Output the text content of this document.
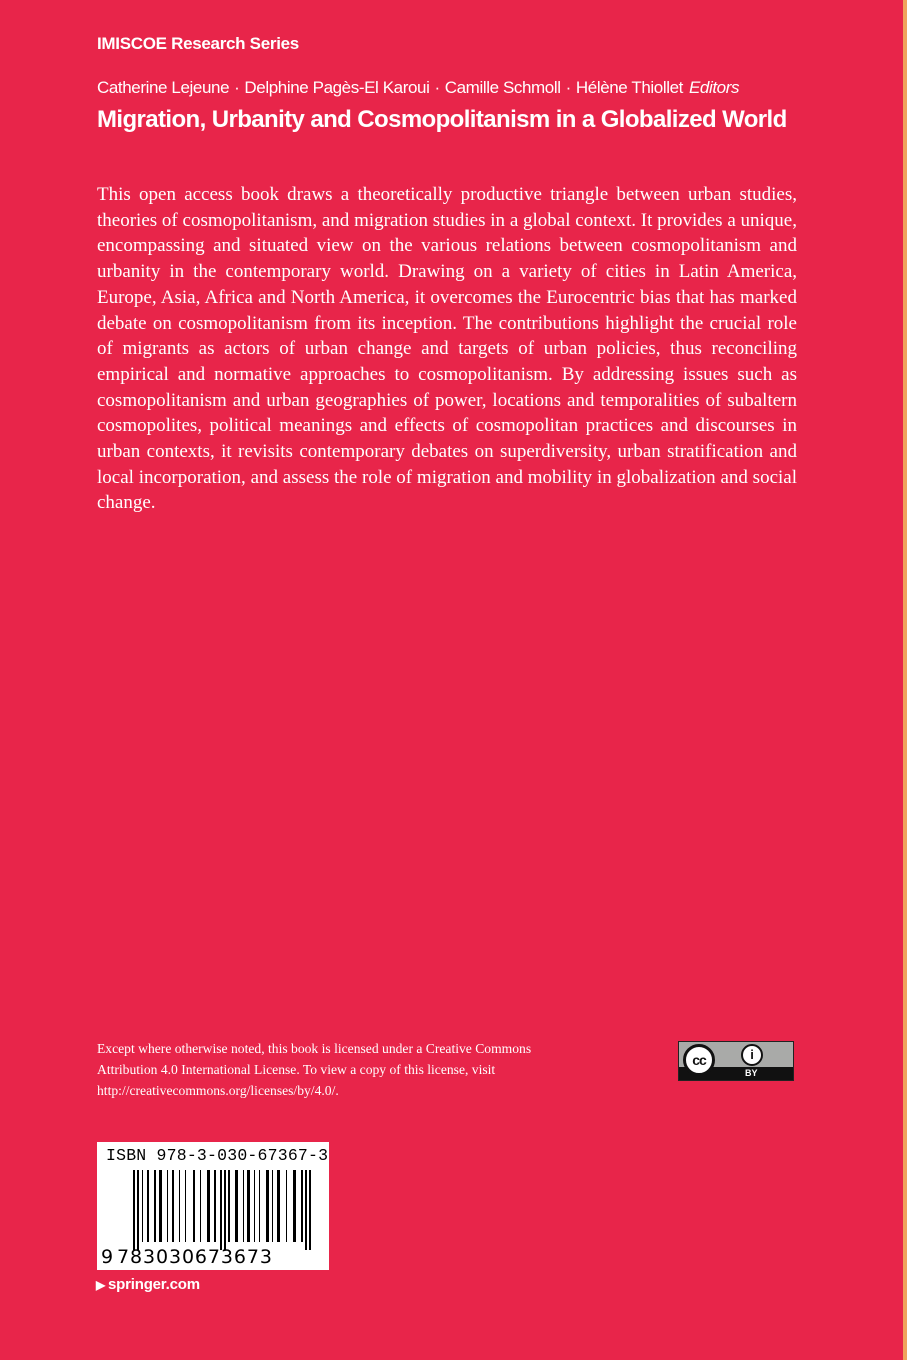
IMISCOE Research Series
Catherine Lejeune · Delphine Pagès-El Karoui · Camille Schmoll · Hélène Thiollet Editors
Migration, Urbanity and Cosmopolitanism in a Globalized World

This open access book draws a theoretically productive triangle between urban studies, theories of cosmopolitanism, and migration studies in a global context. It provides a unique, encompassing and situated view on the various relations between cosmopolitanism and urbanity in the contemporary world. Drawing on a variety of cities in Latin America, Europe, Asia, Africa and North America, it overcomes the Eurocentric bias that has marked debate on cosmopolitanism from its inception. The contributions highlight the crucial role of migrants as actors of urban change and targets of urban policies, thus reconciling empirical and normative approaches to cosmopolitanism. By addressing issues such as cosmopolitanism and urban geographies of power, locations and temporalities of subaltern cosmopolites, political meanings and effects of cosmopolitan practices and discourses in urban contexts, it revisits contemporary debates on superdiversity, urban stratification and local incorporation, and assess the role of migration and mobility in globalization and social change.

Except where otherwise noted, this book is licensed under a Creative Commons Attribution 4.0 International License. To view a copy of this license, visit http://creativecommons.org/licenses/by/4.0/.

cc	i
BY
ISBN 978-3-030-67367-3
9 783030673673
▶ springer.com
